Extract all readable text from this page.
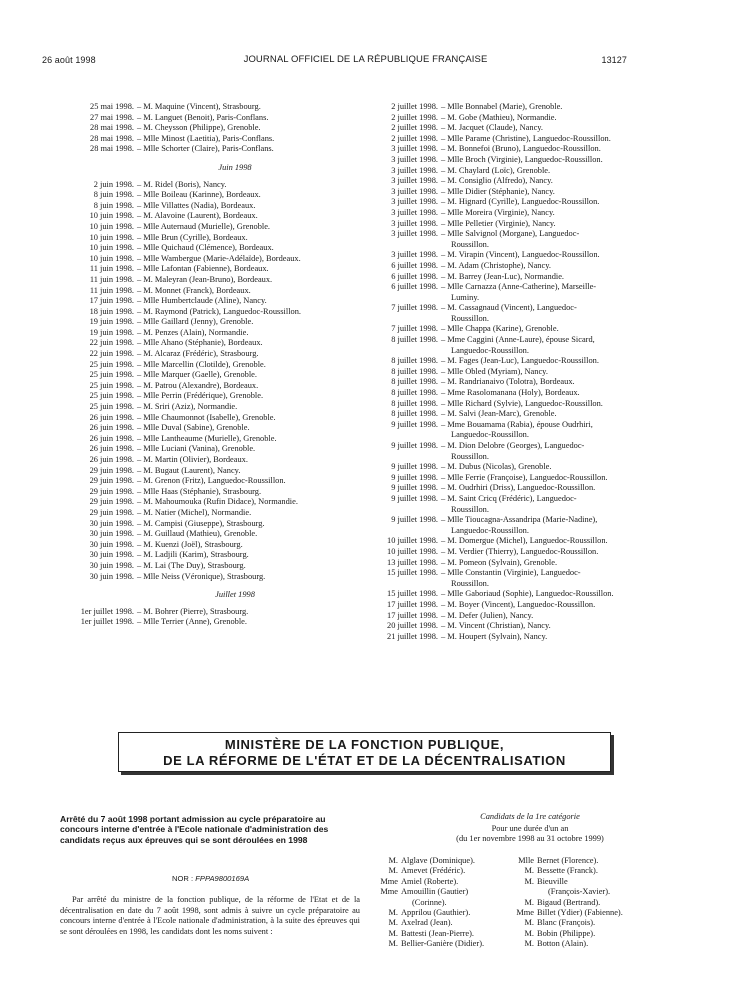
26 août 1998	JOURNAL OFFICIEL DE LA RÉPUBLIQUE FRANÇAISE	13127
25 mai 1998. – M. Maquine (Vincent), Strasbourg.
27 mai 1998. – M. Languet (Benoit), Paris-Conflans.
28 mai 1998. – M. Cheysson (Philippe), Grenoble.
28 mai 1998. – Mlle Minost (Laetitia), Paris-Conflans.
28 mai 1998. – Mlle Schorter (Claire), Paris-Conflans.
Juin 1998
2 juin 1998. – M. Ridel (Boris), Nancy.
8 juin 1998. – Mlle Boileau (Karinne), Bordeaux.
8 juin 1998. – Mlle Villattes (Nadia), Bordeaux.
10 juin 1998. – M. Alavoine (Laurent), Bordeaux.
10 juin 1998. – Mlle Auternaud (Murielle), Grenoble.
10 juin 1998. – Mlle Brun (Cyrille), Bordeaux.
10 juin 1998. – Mlle Quichaud (Clémence), Bordeaux.
10 juin 1998. – Mlle Wambergue (Marie-Adélaïde), Bordeaux.
11 juin 1998. – Mlle Lafontan (Fabienne), Bordeaux.
11 juin 1998. – M. Maleyran (Jean-Bruno), Bordeaux.
11 juin 1998. – M. Monnet (Franck), Bordeaux.
17 juin 1998. – Mlle Humbertclaude (Aline), Nancy.
18 juin 1998. – M. Raymond (Patrick), Languedoc-Roussillon.
19 juin 1998. – Mlle Gaillard (Jenny), Grenoble.
19 juin 1998. – M. Penzes (Alain), Normandie.
22 juin 1998. – Mlle Ahano (Stéphanie), Bordeaux.
22 juin 1998. – M. Alcaraz (Frédéric), Strasbourg.
25 juin 1998. – Mlle Marcellin (Clotilde), Grenoble.
25 juin 1998. – Mlle Marquer (Gaelle), Grenoble.
25 juin 1998. – M. Patrou (Alexandre), Bordeaux.
25 juin 1998. – Mlle Perrin (Frédérique), Grenoble.
25 juin 1998. – M. Sriri (Aziz), Normandie.
26 juin 1998. – Mlle Chaumonnot (Isabelle), Grenoble.
26 juin 1998. – Mlle Duval (Sabine), Grenoble.
26 juin 1998. – Mlle Lantheaume (Murielle), Grenoble.
26 juin 1998. – Mlle Luciani (Vanina), Grenoble.
26 juin 1998. – M. Martin (Olivier), Bordeaux.
29 juin 1998. – M. Bugaut (Laurent), Nancy.
29 juin 1998. – M. Grenon (Fritz), Languedoc-Roussillon.
29 juin 1998. – Mlle Haas (Stéphanie), Strasbourg.
29 juin 1998. – M. Mahoumouka (Rufin Didace), Normandie.
29 juin 1998. – M. Natier (Michel), Normandie.
30 juin 1998. – M. Campisi (Giuseppe), Strasbourg.
30 juin 1998. – M. Guillaud (Mathieu), Grenoble.
30 juin 1998. – M. Kuenzi (Joël), Strasbourg.
30 juin 1998. – M. Ladjili (Karim), Strasbourg.
30 juin 1998. – M. Lai (The Duy), Strasbourg.
30 juin 1998. – Mlle Neiss (Véronique), Strasbourg.
Juillet 1998
1er juillet 1998. – M. Bohrer (Pierre), Strasbourg.
1er juillet 1998. – Mlle Terrier (Anne), Grenoble.
2 juillet 1998. – Mlle Bonnabel (Marie), Grenoble.
2 juillet 1998. – M. Gobe (Mathieu), Normandie.
2 juillet 1998. – M. Jacquet (Claude), Nancy.
2 juillet 1998. – Mlle Parame (Christine), Languedoc-Roussillon.
3 juillet 1998. – M. Bonnefoi (Bruno), Languedoc-Roussillon.
3 juillet 1998. – Mlle Broch (Virginie), Languedoc-Roussillon.
3 juillet 1998. – M. Chaylard (Loïc), Grenoble.
3 juillet 1998. – M. Consiglio (Alfredo), Nancy.
3 juillet 1998. – Mlle Didier (Stéphanie), Nancy.
3 juillet 1998. – M. Hignard (Cyrille), Languedoc-Roussillon.
3 juillet 1998. – Mlle Moreira (Virginie), Nancy.
3 juillet 1998. – Mlle Pelletier (Virginie), Nancy.
3 juillet 1998. – Mlle Salvignol (Morgane), Languedoc-
Roussillon.
3 juillet 1998. – M. Virapin (Vincent), Languedoc-Roussillon.
6 juillet 1998. – M. Adam (Christophe), Nancy.
6 juillet 1998. – M. Barrey (Jean-Luc), Normandie.
6 juillet 1998. – Mlle Carnazza (Anne-Catherine), Marseille-
Luminy.
7 juillet 1998. – M. Cassagnaud (Vincent), Languedoc-
Roussillon.
7 juillet 1998. – Mlle Chappa (Karine), Grenoble.
8 juillet 1998. – Mme Caggini (Anne-Laure), épouse Sicard,
Languedoc-Roussillon.
8 juillet 1998. – M. Fages (Jean-Luc), Languedoc-Roussillon.
8 juillet 1998. – Mlle Obled (Myriam), Nancy.
8 juillet 1998. – M. Randrianaivo (Tolotra), Bordeaux.
8 juillet 1998. – Mme Rasolomanana (Holy), Bordeaux.
8 juillet 1998. – Mlle Richard (Sylvie), Languedoc-Roussillon.
8 juillet 1998. – M. Salvi (Jean-Marc), Grenoble.
9 juillet 1998. – Mme Bouamama (Rabia), épouse Oudrhiri,
Languedoc-Roussillon.
9 juillet 1998. – M. Dion Delobre (Georges), Languedoc-
Roussillon.
9 juillet 1998. – M. Dubus (Nicolas), Grenoble.
9 juillet 1998. – Mlle Ferrie (Françoise), Languedoc-Roussillon.
9 juillet 1998. – M. Oudrhiri (Driss), Languedoc-Roussillon.
9 juillet 1998. – M. Saint Cricq (Frédéric), Languedoc-
Roussillon.
9 juillet 1998. – Mlle Tioucagna-Assandripa (Marie-Nadine),
Languedoc-Roussillon.
10 juillet 1998. – M. Domergue (Michel), Languedoc-Roussillon.
10 juillet 1998. – M. Verdier (Thierry), Languedoc-Roussillon.
13 juillet 1998. – M. Pomeon (Sylvain), Grenoble.
15 juillet 1998. – Mlle Constantin (Virginie), Languedoc-
Roussillon.
15 juillet 1998. – Mlle Gaboriaud (Sophie), Languedoc-Roussillon.
17 juillet 1998. – M. Boyer (Vincent), Languedoc-Roussillon.
17 juillet 1998. – M. Defer (Julien), Nancy.
20 juillet 1998. – M. Vincent (Christian), Nancy.
21 juillet 1998. – M. Houpert (Sylvain), Nancy.
MINISTÈRE DE LA FONCTION PUBLIQUE,
DE LA RÉFORME DE L'ÉTAT ET DE LA DÉCENTRALISATION
Arrêté du 7 août 1998 portant admission au cycle préparatoire au concours interne d'entrée à l'Ecole nationale d'administration des candidats reçus aux épreuves qui se sont déroulées en 1998
NOR : FPPA9800169A
Par arrêté du ministre de la fonction publique, de la réforme de l'Etat et de la décentralisation en date du 7 août 1998, sont admis à suivre un cycle préparatoire au concours interne d'entrée à l'Ecole nationale d'administration, à la suite des épreuves qui se sont déroulées en 1998, les candidats dont les noms suivent :
Candidats de la 1re catégorie
Pour une durée d'un an
(du 1er novembre 1998 au 31 octobre 1999)
M. Alglave (Dominique).
M. Amevet (Frédéric).
Mme Amiel (Roberte).
Mme Amouillin (Gautier)
(Corinne).
M. Apprilou (Gauthier).
M. Axelrad (Jean).
M. Battesti (Jean-Pierre).
M. Bellier-Ganière (Didier).
Mlle Bernet (Florence).
M. Bessette (Franck).
M. Bieuville
(François-Xavier).
M. Bigaud (Bertrand).
Mme Billet (Ydier) (Fabienne).
M. Blanc (François).
M. Bobin (Philippe).
M. Botton (Alain).
